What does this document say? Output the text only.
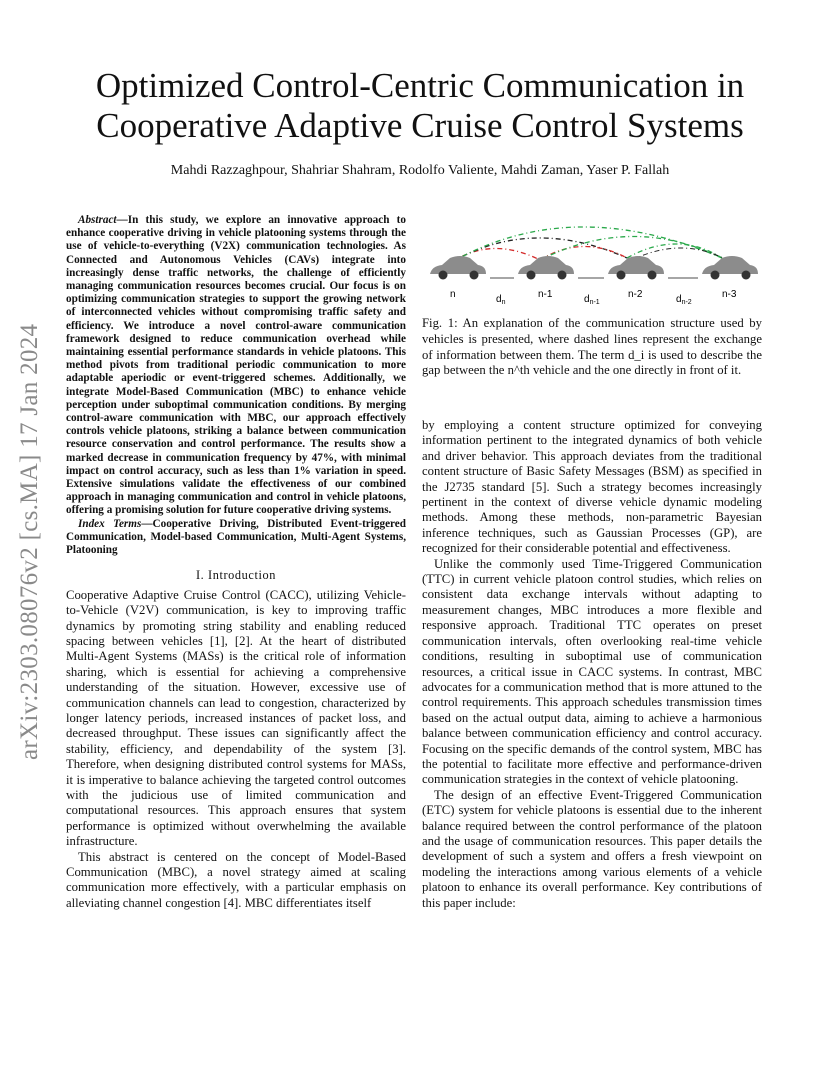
arXiv:2303.08076v2 [cs.MA] 17 Jan 2024
Optimized Control-Centric Communication in
Cooperative Adaptive Cruise Control Systems
Mahdi Razzaghpour, Shahriar Shahram, Rodolfo Valiente, Mahdi Zaman, Yaser P. Fallah

Abstract—In this study, we explore an innovative approach to enhance cooperative driving in vehicle platooning systems through the use of vehicle-to-everything (V2X) communication technologies. As Connected and Autonomous Vehicles (CAVs) integrate into increasingly dense traffic networks, the challenge of efficiently managing communication resources becomes crucial. Our focus is on optimizing communication strategies to support the growing network of interconnected vehicles without compromising traffic safety and efficiency. We introduce a novel control-aware communication framework designed to reduce communication overhead while maintaining essential performance standards in vehicle platoons. This method pivots from traditional periodic communication to more adaptable aperiodic or event-triggered schemes. Additionally, we integrate Model-Based Communication (MBC) to enhance vehicle perception under suboptimal communication conditions. By merging control-aware communication with MBC, our approach effectively controls vehicle platoons, striking a balance between communication resource conservation and control performance. The results show a marked decrease in communication frequency by 47%, with minimal impact on control accuracy, such as less than 1% variation in speed. Extensive simulations validate the effectiveness of our combined approach in managing communication and control in vehicle platoons, offering a promising solution for future cooperative driving systems.

Index Terms—Cooperative Driving, Distributed Event-triggered Communication, Model-based Communication, Multi-Agent Systems, Platooning

I. Introduction

Cooperative Adaptive Cruise Control (CACC), utilizing Vehicle-to-Vehicle (V2V) communication, is key to improving traffic dynamics by promoting string stability and enabling reduced spacing between vehicles [1], [2]. At the heart of distributed Multi-Agent Systems (MASs) is the critical role of information sharing, which is essential for achieving a comprehensive understanding of the situation. However, excessive use of communication channels can lead to congestion, characterized by longer latency periods, increased instances of packet loss, and decreased throughput. These issues can significantly affect the stability, efficiency, and dependability of the system [3]. Therefore, when designing distributed control systems for MASs, it is imperative to balance achieving the targeted control outcomes with the judicious use of limited communication and computational resources. This approach ensures that system performance is optimized without overwhelming the available infrastructure.

This abstract is centered on the concept of Model-Based Communication (MBC), a novel strategy aimed at scaling communication more effectively, with a particular emphasis on alleviating channel congestion [4]. MBC differentiates itself

n	n-1	n-2	n-3
$d_n$	$d_{n-1}$	$d_{n-2}$
Fig. 1: An explanation of the communication structure used by vehicles is presented, where dashed lines represent the exchange of information between them. The term d_i is used to describe the gap between the n^th vehicle and the one directly in front of it.

by employing a content structure optimized for conveying information pertinent to the integrated dynamics of both vehicle and driver behavior. This approach deviates from the traditional content structure of Basic Safety Messages (BSM) as specified in the J2735 standard [5]. Such a strategy becomes increasingly pertinent in the context of diverse vehicle dynamic modeling methods. Among these methods, non-parametric Bayesian inference techniques, such as Gaussian Processes (GP), are recognized for their considerable potential and effectiveness.

Unlike the commonly used Time-Triggered Communication (TTC) in current vehicle platoon control studies, which relies on consistent data exchange intervals without adapting to measurement changes, MBC introduces a more flexible and responsive approach. Traditional TTC operates on preset communication intervals, often overlooking real-time vehicle conditions, resulting in suboptimal use of communication resources, a critical issue in CACC systems. In contrast, MBC advocates for a communication method that is more attuned to the control requirements. This approach schedules transmission times based on the actual output data, aiming to achieve a harmonious balance between communication efficiency and control accuracy. Focusing on the specific demands of the control system, MBC has the potential to facilitate more effective and performance-driven communication strategies in the context of vehicle platooning.

The design of an effective Event-Triggered Communication (ETC) system for vehicle platoons is essential due to the inherent balance required between the control performance of the platoon and the usage of communication resources. This paper details the development of such a system and offers a fresh viewpoint on modeling the interactions among various elements of a vehicle platoon to enhance its overall performance. Key contributions of this paper include:
